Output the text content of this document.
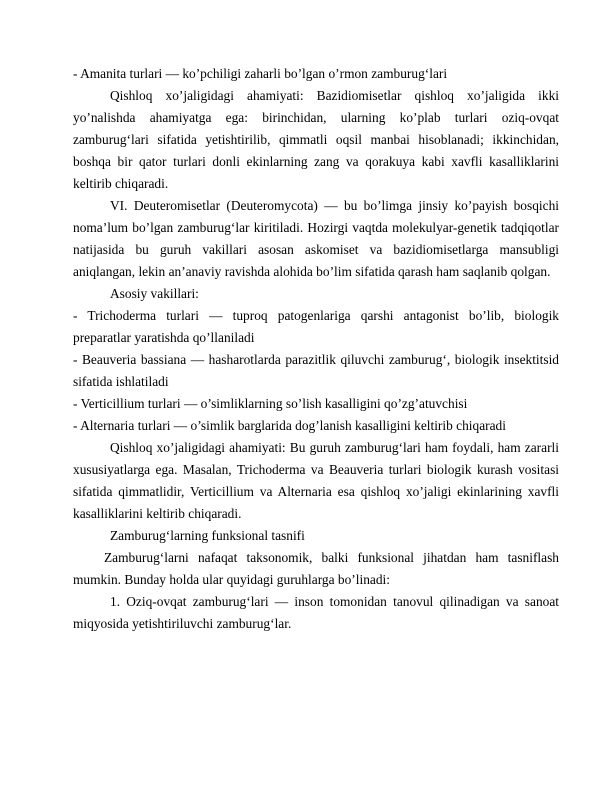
- Amanita turlari — ko’pchiligi zaharli bo’lgan o’rmon zamburug‘lari

Qishloq xo’jaligidagi ahamiyati: Bazidiomisetlar qishloq xo’jaligida ikki yo’nalishda ahamiyatga ega: birinchidan, ularning ko’plab turlari oziq-ovqat zamburug‘lari sifatida yetishtirilib, qimmatli oqsil manbai hisoblanadi; ikkinchidan, boshqa bir qator turlari donli ekinlarning zang va qorakuya kabi xavfli kasalliklarini keltirib chiqaradi.

VI. Deuteromisetlar (Deuteromycota) — bu bo’limga jinsiy ko’payish bosqichi noma’lum bo’lgan zamburug‘lar kiritiladi. Hozirgi vaqtda molekulyar-genetik tadqiqotlar natijasida bu guruh vakillari asosan askomiset va bazidiomisetlarga mansubligi aniqlangan, lekin an’anaviy ravishda alohida bo’lim sifatida qarash ham saqlanib qolgan.

Asosiy vakillari:

- Trichoderma turlari — tuproq patogenlariga qarshi antagonist bo’lib, biologik preparatlar yaratishda qo’llaniladi

- Beauveria bassiana — hasharotlarda parazitlik qiluvchi zamburug‘, biologik insektitsid sifatida ishlatiladi

- Verticillium turlari — o’simliklarning so’lish kasalligini qo’zg’atuvchisi

- Alternaria turlari — o’simlik barglarida dog’lanish kasalligini keltirib chiqaradi

Qishloq xo’jaligidagi ahamiyati: Bu guruh zamburug‘lari ham foydali, ham zararli xususiyatlarga ega. Masalan, Trichoderma va Beauveria turlari biologik kurash vositasi sifatida qimmatlidir, Verticillium va Alternaria esa qishloq xo’jaligi ekinlarining xavfli kasalliklarini keltirib chiqaradi.

Zamburug‘larning funksional tasnifi

Zamburug‘larni nafaqat taksonomik, balki funksional jihatdan ham tasniflash mumkin. Bunday holda ular quyidagi guruhlarga bo’linadi:

1. Oziq-ovqat zamburug‘lari — inson tomonidan tanovul qilinadigan va sanoat miqyosida yetishtiriluvchi zamburug‘lar.
